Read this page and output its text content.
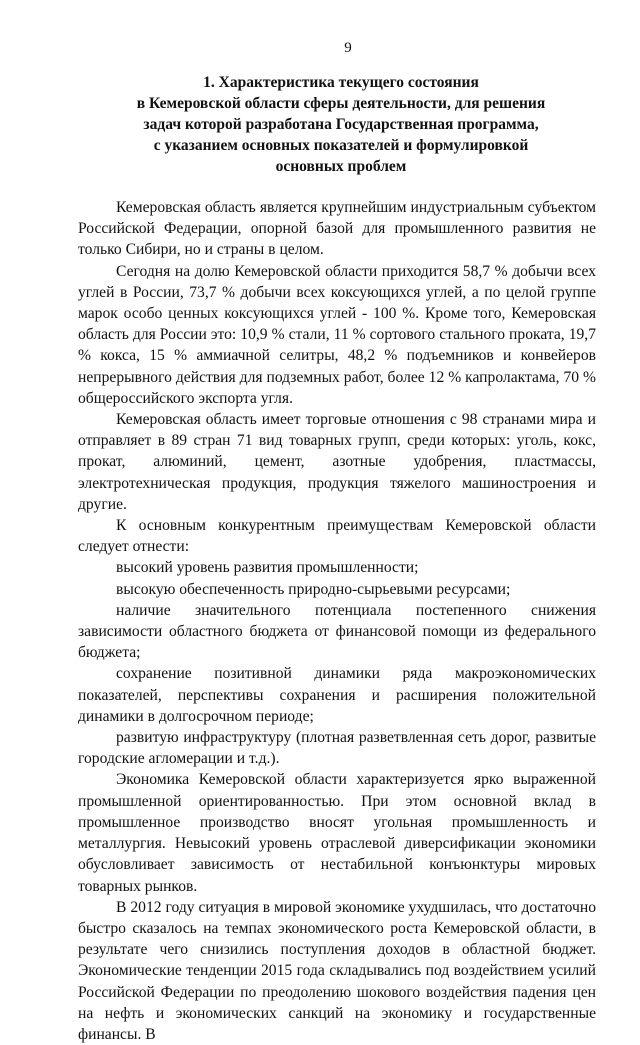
9
1. Характеристика текущего состояния
в Кемеровской области сферы деятельности, для решения
задач которой разработана Государственная программа,
с указанием основных показателей и формулировкой
основных проблем

Кемеровская область является крупнейшим индустриальным субъектом Российской Федерации, опорной базой для промышленного развития не только Сибири, но и страны в целом.

Сегодня на долю Кемеровской области приходится 58,7 % добычи всех углей в России, 73,7 % добычи всех коксующихся углей, а по целой группе марок особо ценных коксующихся углей - 100 %. Кроме того, Кемеровская область для России это: 10,9 % стали, 11 % сортового стального проката, 19,7 % кокса, 15 % аммиачной селитры, 48,2 % подъемников и конвейеров непрерывного действия для подземных работ, более 12 % капролактама, 70 % общероссийского экспорта угля.

Кемеровская область имеет торговые отношения с 98 странами мира и отправляет в 89 стран 71 вид товарных групп, среди которых: уголь, кокс, прокат, алюминий, цемент, азотные удобрения, пластмассы, электротехническая продукция, продукция тяжелого машиностроения и другие.

К основным конкурентным преимуществам Кемеровской области следует отнести:

высокий уровень развития промышленности;

высокую обеспеченность природно-сырьевыми ресурсами;

наличие значительного потенциала постепенного снижения зависимости областного бюджета от финансовой помощи из федерального бюджета;

сохранение позитивной динамики ряда макроэкономических показателей, перспективы сохранения и расширения положительной динамики в долгосрочном периоде;

развитую инфраструктуру (плотная разветвленная сеть дорог, развитые городские агломерации и т.д.).

Экономика Кемеровской области характеризуется ярко выраженной промышленной ориентированностью. При этом основной вклад в промышленное производство вносят угольная промышленность и металлургия. Невысокий уровень отраслевой диверсификации экономики обусловливает зависимость от нестабильной конъюнктуры мировых товарных рынков.

В 2012 году ситуация в мировой экономике ухудшилась, что достаточно быстро сказалось на темпах экономического роста Кемеровской области, в результате чего снизились поступления доходов в областной бюджет. Экономические тенденции 2015 года складывались под воздействием усилий Российской Федерации по преодолению шокового воздействия падения цен на нефть и экономических санкций на экономику и государственные финансы. В
